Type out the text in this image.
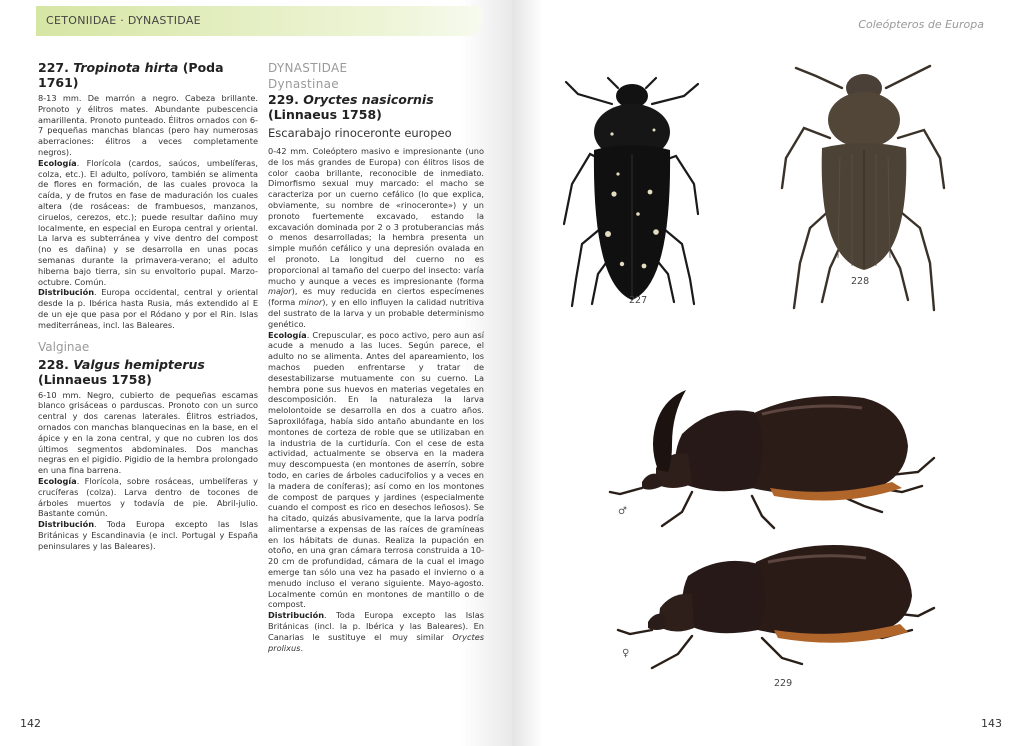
CETONIIDAE · DYNASTIDAE
227. Tropinota hirta (Poda 1761)

8-13 mm. De marrón a negro. Cabeza brillante. Pronoto y élitros mates. Abundante pubescencia amarillenta. Pronoto punteado. Élitros ornados con 6-7 pequeñas manchas blancas (pero hay numerosas aberraciones: élitros a veces completamente negros).

Ecología. Florícola (cardos, saúcos, umbelíferas, colza, etc.). El adulto, polívoro, también se alimenta de flores en formación, de las cuales provoca la caída, y de frutos en fase de maduración los cuales altera (de rosáceas: de frambuesos, manzanos, ciruelos, cerezos, etc.); puede resultar dañino muy localmente, en especial en Europa central y oriental. La larva es subterránea y vive dentro del compost (no es dañina) y se desarrolla en unas pocas semanas durante la primavera-verano; el adulto hiberna bajo tierra, sin su envoltorio pupal. Marzo-octubre. Común.

Distribución. Europa occidental, central y oriental desde la p. Ibérica hasta Rusia, más extendido al E de un eje que pasa por el Ródano y por el Rin. Islas mediterráneas, incl. las Baleares.

Valginae
228. Valgus hemipterus
(Linnaeus 1758)

6-10 mm. Negro, cubierto de pequeñas escamas blanco grisáceas o parduscas. Pronoto con un surco central y dos carenas laterales. Élitros estriados, ornados con manchas blanquecinas en la base, en el ápice y en la zona central, y que no cubren los dos últimos segmentos abdominales. Dos manchas negras en el pigidio. Pigidio de la hembra prolongado en una fina barrena.

Ecología. Florícola, sobre rosáceas, umbelíferas y crucíferas (colza). Larva dentro de tocones de árboles muertos y todavía de pie. Abril-julio. Bastante común.

Distribución. Toda Europa excepto las Islas Británicas y Escandinavia (e incl. Portugal y España peninsulares y las Baleares).

DYNASTIDAE
Dynastinae
229. Oryctes nasicornis
(Linnaeus 1758)
Escarabajo rinoceronte europeo

0-42 mm. Coleóptero masivo e impresionante (uno de los más grandes de Europa) con élitros lisos de color caoba brillante, reconocible de inmediato. Dimorfismo sexual muy marcado: el macho se caracteriza por un cuerno cefálico (lo que explica, obviamente, su nombre de «rinoceronte») y un pronoto fuertemente excavado, estando la excavación dominada por 2 o 3 protuberancias más o menos desarrolladas; la hembra presenta un simple muñón cefálico y una depresión ovalada en el pronoto. La longitud del cuerno no es proporcional al tamaño del cuerpo del insecto: varía mucho y aunque a veces es impresionante (forma major), es muy reducida en ciertos especímenes (forma minor), y en ello influyen la calidad nutritiva del sustrato de la larva y un probable determinismo genético.

Ecología. Crepuscular, es poco activo, pero aun así acude a menudo a las luces. Según parece, el adulto no se alimenta. Antes del apareamiento, los machos pueden enfrentarse y tratar de desestabilizarse mutuamente con su cuerno. La hembra pone sus huevos en materias vegetales en descomposición. En la naturaleza la larva melolontoide se desarrolla en dos a cuatro años. Saproxilófaga, había sido antaño abundante en los montones de corteza de roble que se utilizaban en la industria de la curtiduría. Con el cese de esta actividad, actualmente se observa en la madera muy descompuesta (en montones de aserrín, sobre todo, en caries de árboles caducifolios y a veces en la madera de coníferas); así como en los montones de compost de parques y jardines (especialmente cuando el compost es rico en desechos leñosos). Se ha citado, quizás abusivamente, que la larva podría alimentarse a expensas de las raíces de gramíneas en los hábitats de dunas. Realiza la pupación en otoño, en una gran cámara terrosa construida a 10-20 cm de profundidad, cámara de la cual el imago emerge tan sólo una vez ha pasado el invierno o a menudo incluso el verano siguiente. Mayo-agosto. Localmente común en montones de mantillo o de compost.

Distribución. Toda Europa excepto las Islas Británicas (incl. la p. Ibérica y las Baleares). En Canarias le sustituye el muy similar Oryctes prolixus.

142
Coleópteros de Europa
227
228
♂
♀
229
143
